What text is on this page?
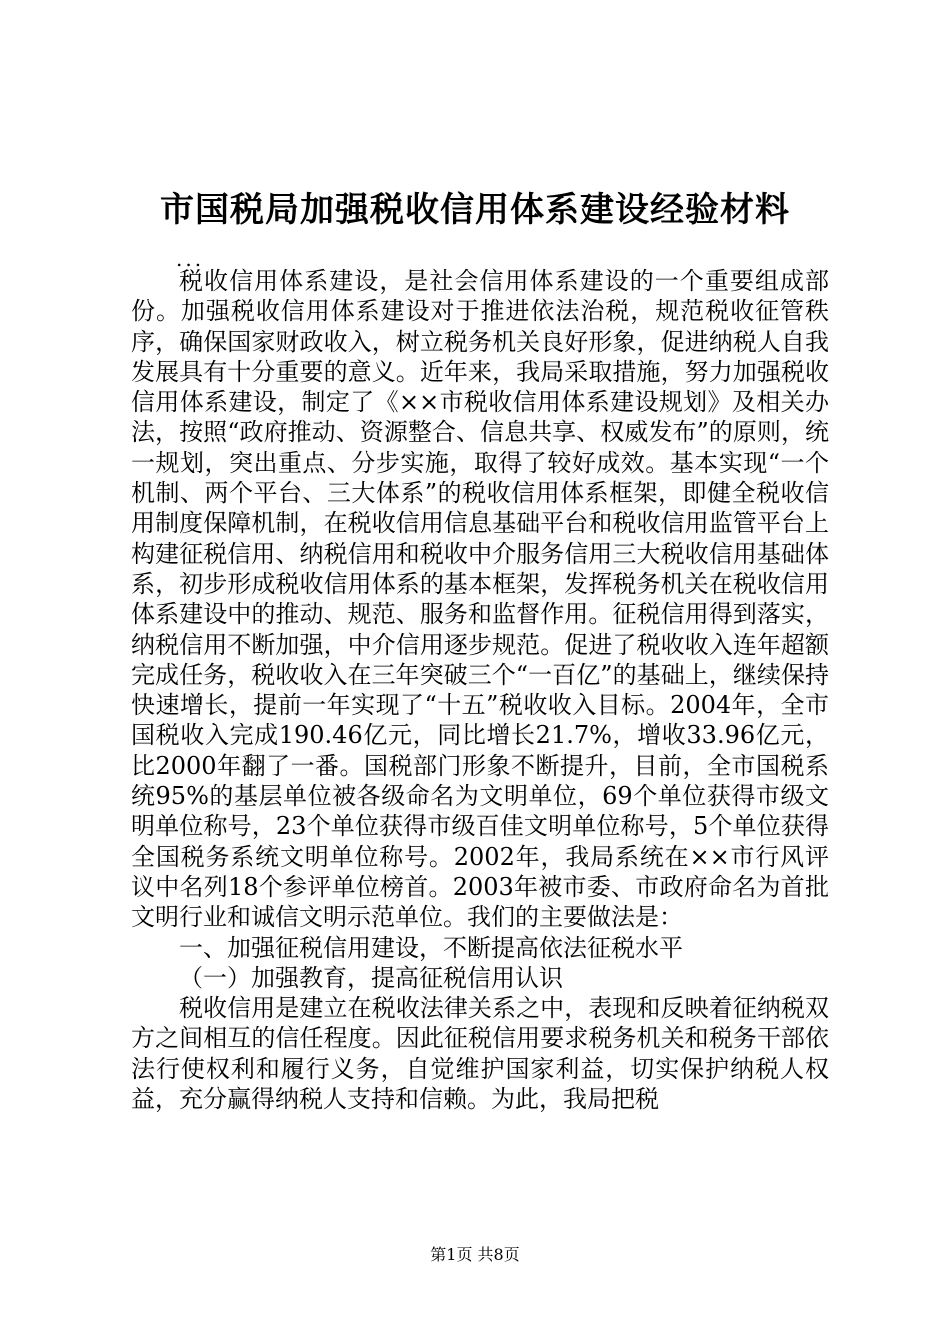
市国税局加强税收信用体系建设经验材料

...

税收信用体系建设，是社会信用体系建设的一个重要组成部份。加强税收信用体系建设对于推进依法治税，规范税收征管秩序，确保国家财政收入，树立税务机关良好形象，促进纳税人自我发展具有十分重要的意义。近年来，我局采取措施，努力加强税收信用体系建设，制定了《××市税收信用体系建设规划》及相关办法，按照“政府推动、资源整合、信息共享、权威发布”的原则，统一规划，突出重点、分步实施，取得了较好成效。基本实现“一个机制、两个平台、三大体系”的税收信用体系框架，即健全税收信用制度保障机制，在税收信用信息基础平台和税收信用监管平台上构建征税信用、纳税信用和税收中介服务信用三大税收信用基础体系，初步形成税收信用体系的基本框架，发挥税务机关在税收信用体系建设中的推动、规范、服务和监督作用。征税信用得到落实，纳税信用不断加强，中介信用逐步规范。促进了税收收入连年超额完成任务，税收收入在三年突破三个“一百亿”的基础上，继续保持快速增长，提前一年实现了“十五”税收收入目标。2004年，全市国税收入完成190.46亿元，同比增长21.7%，增收33.96亿元，比2000年翻了一番。国税部门形象不断提升，目前，全市国税系统95%的基层单位被各级命名为文明单位，69个单位获得市级文明单位称号，23个单位获得市级百佳文明单位称号，5个单位获得全国税务系统文明单位称号。2002年，我局系统在××市行风评议中名列18个参评单位榜首。2003年被市委、市政府命名为首批文明行业和诚信文明示范单位。我们的主要做法是：

一、加强征税信用建设，不断提高依法征税水平

（一）加强教育，提高征税信用认识

税收信用是建立在税收法律关系之中，表现和反映着征纳税双方之间相互的信任程度。因此征税信用要求税务机关和税务干部依法行使权利和履行义务，自觉维护国家利益，切实保护纳税人权益，充分赢得纳税人支持和信赖。为此，我局把税

第1页 共8页
